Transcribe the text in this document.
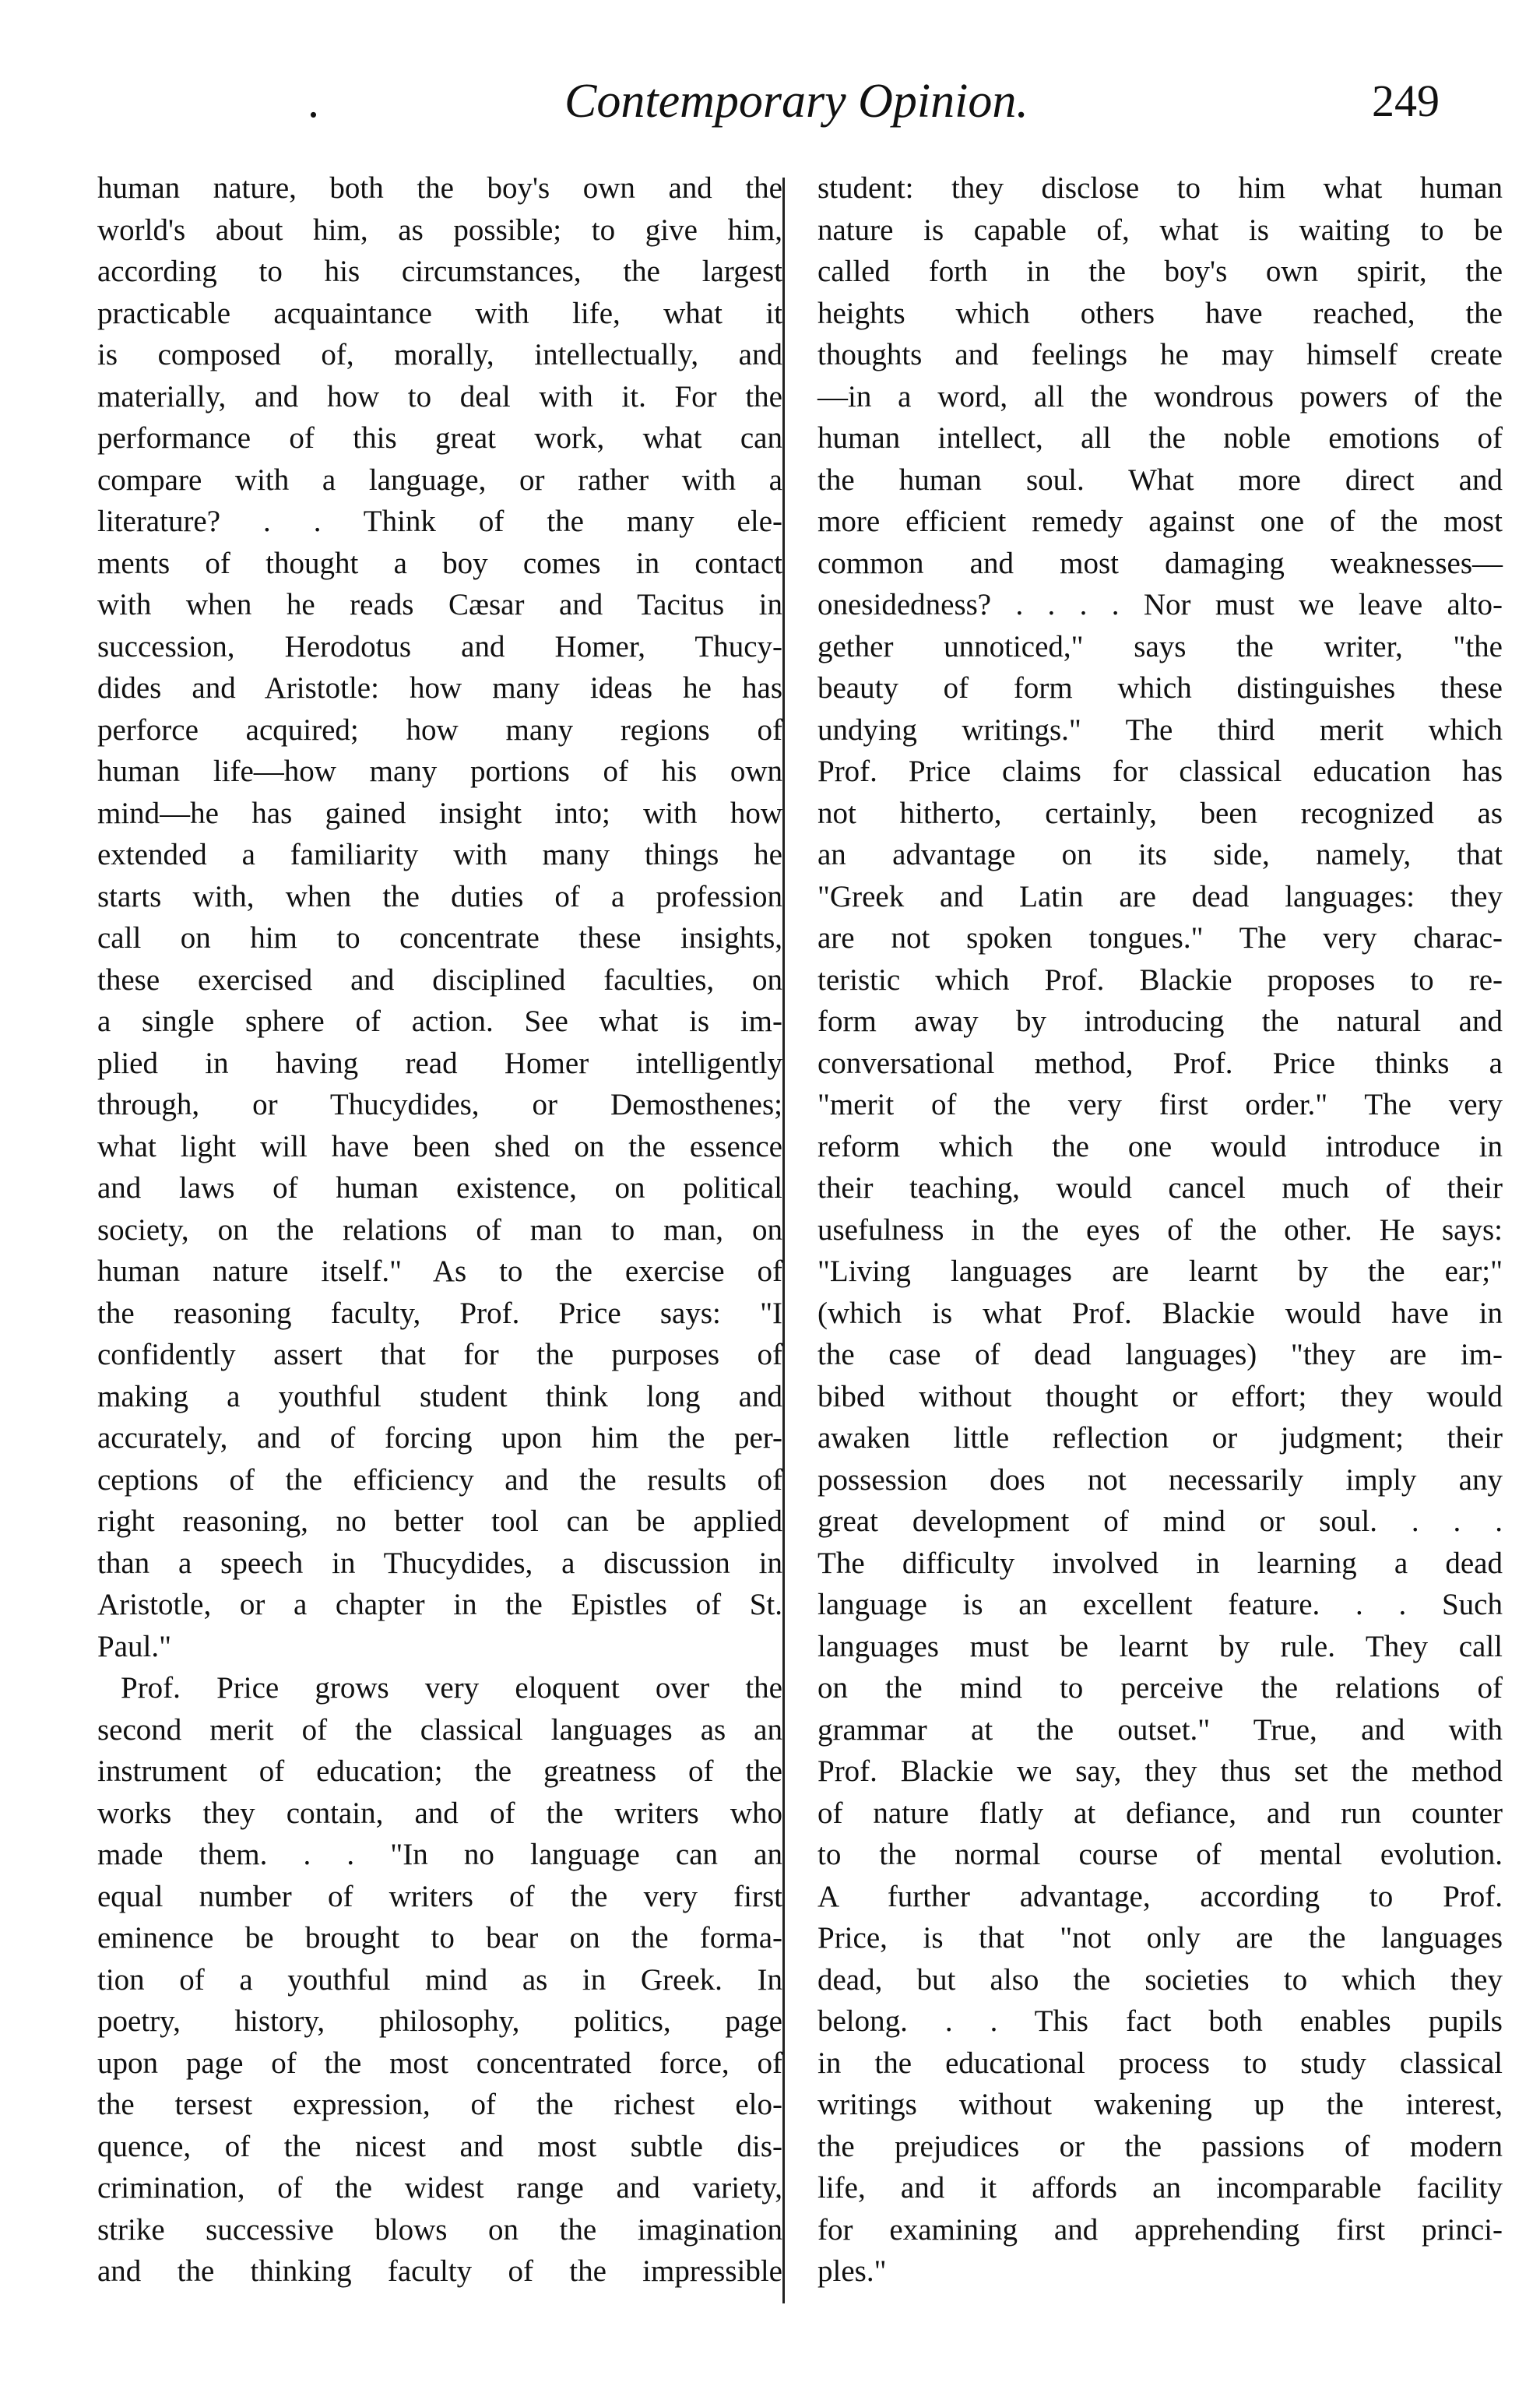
.	Contemporary Opinion.	249
human nature, both the boy's own and the
world's about him, as possible; to give him,
according to his circumstances, the largest
practicable acquaintance with life, what it
is composed of, morally, intellectually, and
materially, and how to deal with it. For the
performance of this great work, what can
compare with a language, or rather with a
literature? . . Think of the many ele-
ments of thought a boy comes in contact
with when he reads Cæsar and Tacitus in
succession, Herodotus and Homer, Thucy-
dides and Aristotle: how many ideas he has
perforce acquired; how many regions of
human life—how many portions of his own
mind—he has gained insight into; with how
extended a familiarity with many things he
starts with, when the duties of a profession
call on him to concentrate these insights,
these exercised and disciplined faculties, on
a single sphere of action. See what is im-
plied in having read Homer intelligently
through, or Thucydides, or Demosthenes;
what light will have been shed on the essence
and laws of human existence, on political
society, on the relations of man to man, on
human nature itself." As to the exercise of
the reasoning faculty, Prof. Price says: "I
confidently assert that for the purposes of
making a youthful student think long and
accurately, and of forcing upon him the per-
ceptions of the efficiency and the results of
right reasoning, no better tool can be applied
than a speech in Thucydides, a discussion in
Aristotle, or a chapter in the Epistles of St.
Paul."
Prof. Price grows very eloquent over the
second merit of the classical languages as an
instrument of education; the greatness of the
works they contain, and of the writers who
made them. . . "In no language can an
equal number of writers of the very first
eminence be brought to bear on the forma-
tion of a youthful mind as in Greek. In
poetry, history, philosophy, politics, page
upon page of the most concentrated force, of
the tersest expression, of the richest elo-
quence, of the nicest and most subtle dis-
crimination, of the widest range and variety,
strike successive blows on the imagination
and the thinking faculty of the impressible
student: they disclose to him what human
nature is capable of, what is waiting to be
called forth in the boy's own spirit, the
heights which others have reached, the
thoughts and feelings he may himself create
—in a word, all the wondrous powers of the
human intellect, all the noble emotions of
the human soul. What more direct and
more efficient remedy against one of the most
common and most damaging weaknesses—
onesidedness? . . . . Nor must we leave alto-
gether unnoticed," says the writer, "the
beauty of form which distinguishes these
undying writings." The third merit which
Prof. Price claims for classical education has
not hitherto, certainly, been recognized as
an advantage on its side, namely, that
"Greek and Latin are dead languages: they
are not spoken tongues." The very charac-
teristic which Prof. Blackie proposes to re-
form away by introducing the natural and
conversational method, Prof. Price thinks a
"merit of the very first order." The very
reform which the one would introduce in
their teaching, would cancel much of their
usefulness in the eyes of the other. He says:
"Living languages are learnt by the ear;"
(which is what Prof. Blackie would have in
the case of dead languages) "they are im-
bibed without thought or effort; they would
awaken little reflection or judgment; their
possession does not necessarily imply any
great development of mind or soul. . . .
The difficulty involved in learning a dead
language is an excellent feature. . . Such
languages must be learnt by rule. They call
on the mind to perceive the relations of
grammar at the outset." True, and with
Prof. Blackie we say, they thus set the method
of nature flatly at defiance, and run counter
to the normal course of mental evolution.
A further advantage, according to Prof.
Price, is that "not only are the languages
dead, but also the societies to which they
belong. . . This fact both enables pupils
in the educational process to study classical
writings without wakening up the interest,
the prejudices or the passions of modern
life, and it affords an incomparable facility
for examining and apprehending first princi-
ples."
